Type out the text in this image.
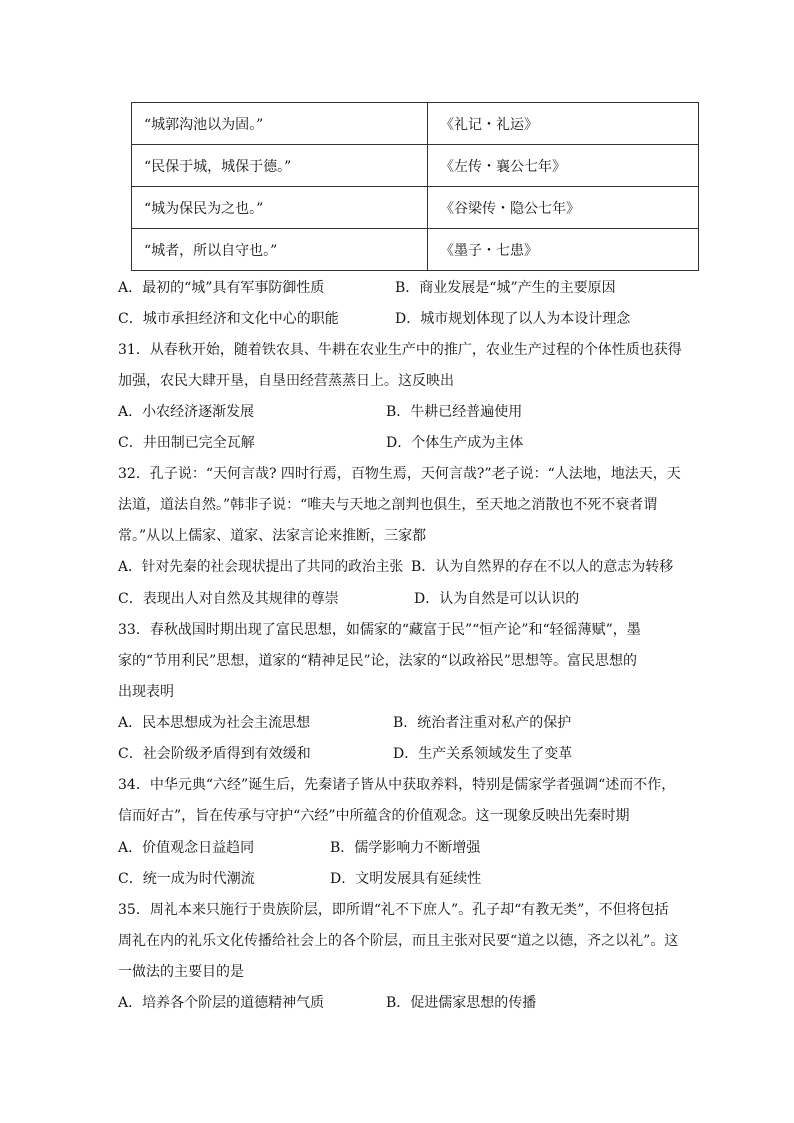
“城郭沟池以为固。”	《礼记・礼运》
“民保于城，城保于德。”	《左传・襄公七年》
“城为保民为之也。”	《谷梁传・隐公七年》
“城者，所以自守也。”	《墨子・七患》
A．最初的“城”具有军事防御性质	B．商业发展是“城”产生的主要原因
C．城市承担经济和文化中心的职能	D．城市规划体现了以人为本设计理念
31．从春秋开始，随着铁农具、牛耕在农业生产中的推广，农业生产过程的个体性质也获得
加强，农民大肆开垦，自垦田经营蒸蒸日上。这反映出
A．小农经济逐渐发展	B．牛耕已经普遍使用
C．井田制已完全瓦解	D．个体生产成为主体
32．孔子说：“天何言哉? 四时行焉，百物生焉，天何言哉?”老子说：“人法地，地法天，天
法道，道法自然。”韩非子说：“唯夫与天地之剖判也俱生，至天地之消散也不死不衰者谓
常。”从以上儒家、道家、法家言论来推断，三家都
A．针对先秦的社会现状提出了共同的政治主张 B．认为自然界的存在不以人的意志为转移
C．表现出人对自然及其规律的尊崇	D．认为自然是可以认识的
33．春秋战国时期出现了富民思想，如儒家的“藏富于民”“恒产论”和“轻徭薄赋”，墨
家的“节用利民”思想，道家的“精神足民”论，法家的“以政裕民”思想等。富民思想的
出现表明
A．民本思想成为社会主流思想	B．统治者注重对私产的保护
C．社会阶级矛盾得到有效缓和	D．生产关系领域发生了变革
34．中华元典“六经”诞生后，先秦诸子皆从中获取养料，特别是儒家学者强调“述而不作，
信而好古”，旨在传承与守护“六经”中所蕴含的价值观念。这一现象反映出先秦时期
A．价值观念日益趋同	B．儒学影响力不断增强
C．统一成为时代潮流	D．文明发展具有延续性
35．周礼本来只施行于贵族阶层，即所谓“礼不下庶人”。孔子却“有教无类”，不但将包括
周礼在内的礼乐文化传播给社会上的各个阶层，而且主张对民要“道之以德，齐之以礼”。这
一做法的主要目的是
A．培养各个阶层的道德精神气质	B．促进儒家思想的传播
